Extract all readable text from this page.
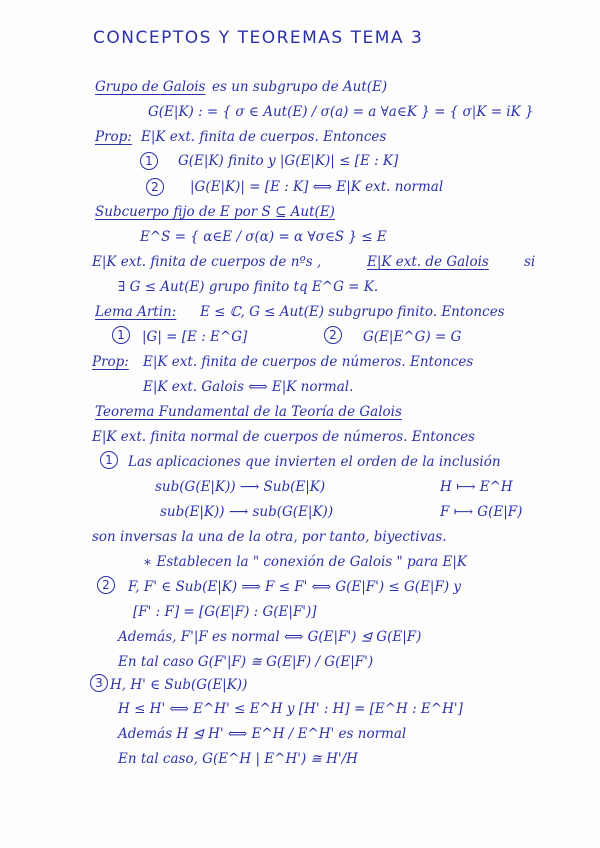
CONCEPTOS Y TEOREMAS TEMA 3
Grupo de Galois es un subgrupo de Aut(E)
G(E|K) : = { σ ∈ Aut(E) / σ(a) = a ∀a∈K } = { σ|K = iK }
Prop: E|K ext. finita de cuerpos. Entonces
G(E|K) finito y |G(E|K)| ≤ [E : K]
|G(E|K)| = [E : K] ⟺ E|K ext. normal
Subcuerpo fijo de E por S ⊆ Aut(E)
E^S = { α∈E / σ(α) = α ∀σ∈S } ≤ E
E|K ext. finita de cuerpos de nºs ,	E|K ext. de Galois	si
∃ G ≤ Aut(E) grupo finito tq E^G = K.
Lema Artin: E ≤ ℂ, G ≤ Aut(E) subgrupo finito. Entonces
|G| = [E : E^G]	G(E|E^G) = G
Prop: E|K ext. finita de cuerpos de números. Entonces
E|K ext. Galois ⟺ E|K normal.
Teorema Fundamental de la Teoría de Galois
E|K ext. finita normal de cuerpos de números. Entonces
Las aplicaciones que invierten el orden de la inclusión
sub(G(E|K)) ⟶ Sub(E|K)	H ⟼ E^H
sub(E|K)) ⟶ sub(G(E|K))	F ⟼ G(E|F)
son inversas la una de la otra, por tanto, biyectivas.
∗ Establecen la " conexión de Galois " para E|K
F, F' ∈ Sub(E|K) ⟹ F ≤ F' ⟺ G(E|F') ≤ G(E|F) y
[F' : F] = [G(E|F) : G(E|F')]
Además, F'|F es normal ⟺ G(E|F') ⊴ G(E|F)
En tal caso G(F'|F) ≅ G(E|F) / G(E|F')
H, H' ∈ Sub(G(E|K))
H ≤ H' ⟺ E^H' ≤ E^H y [H' : H] = [E^H : E^H']
Además H ⊴ H' ⟺ E^H / E^H' es normal
En tal caso, G(E^H | E^H') ≅ H'/H
1
2
1	2
1
2
3
